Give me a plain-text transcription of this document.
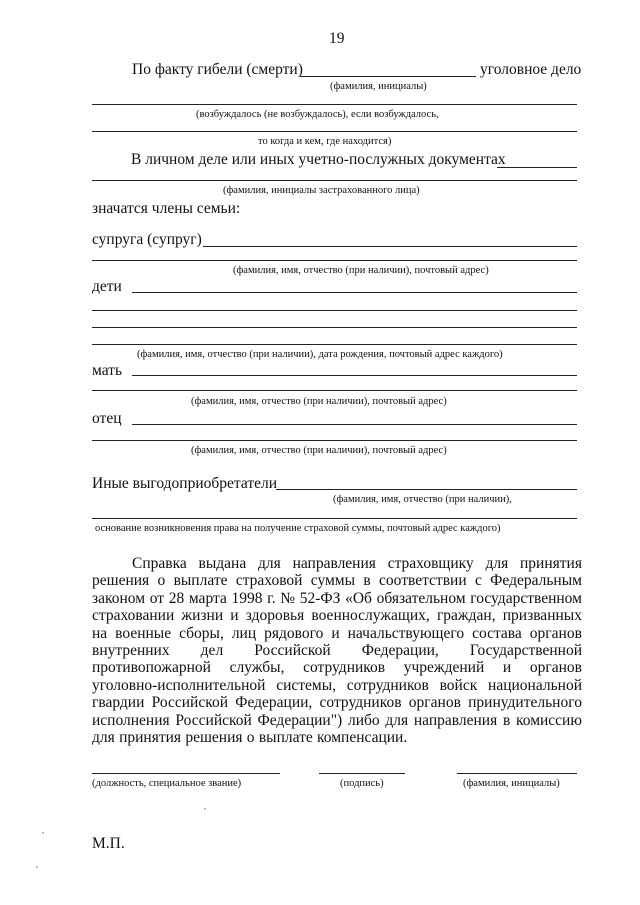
19
По факту гибели (смерти)	уголовное дело
(фамилия, инициалы)
(возбуждалось (не возбуждалось), если возбуждалось,
то когда и кем, где находится)
В личном деле или иных учетно-послужных документах
(фамилия, инициалы застрахованного лица)
значатся члены семьи:
супруга (супруг)
(фамилия, имя, отчество (при наличии), почтовый адрес)
дети
(фамилия, имя, отчество (при наличии), дата рождения, почтовый адрес каждого)
мать
(фамилия, имя, отчество (при наличии), почтовый адрес)
отец
(фамилия, имя, отчество (при наличии), почтовый адрес)
Иные выгодоприобретатели
(фамилия, имя, отчество (при наличии),
основание возникновения права на получение страховой суммы, почтовый адрес каждого)
Справка выдана для направления страховщику для принятия
решения о выплате страховой суммы в соответствии с Федеральным
законом от 28 марта 1998 г. № 52-ФЗ «Об обязательном государственном
страховании жизни и здоровья военнослужащих, граждан, призванных
на военные сборы, лиц рядового и начальствующего состава органов
внутренних дел Российской Федерации, Государственной
противопожарной службы, сотрудников учреждений и органов
уголовно-исполнительной системы, сотрудников войск национальной
гвардии Российской Федерации, сотрудников органов принудительного
исполнения Российской Федерации") либо для направления в комиссию
для принятия решения о выплате компенсации.
(должность, специальное звание)	(подпись)	(фамилия, инициалы)
М.П.
